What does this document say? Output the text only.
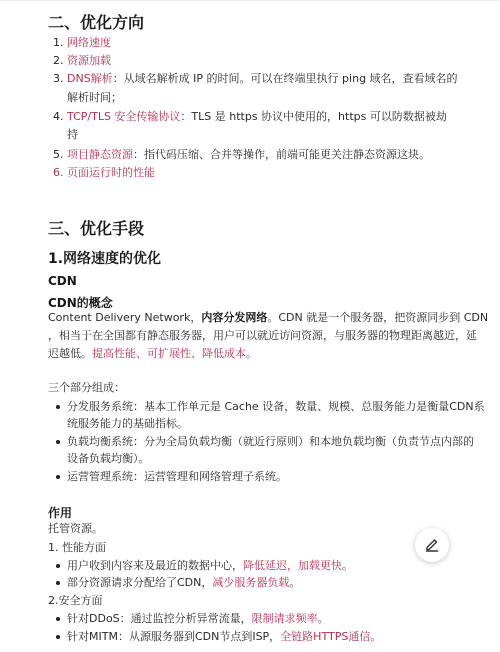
二、优化方向
1. 网络速度
2. 资源加载
3. DNS解析：从域名解析成 IP 的时间。可以在终端里执行 ping 域名，查看域名的
解析时间；
4. TCP/TLS 安全传输协议：TLS 是 https 协议中使用的，https 可以防数据被劫
持
5. 项目静态资源：指代码压缩、合并等操作，前端可能更关注静态资源这块。
6. 页面运行时的性能
三、优化手段
1.网络速度的优化
CDN
CDN的概念
Content Delivery Network，内容分发网络。CDN 就是一个服务器，把资源同步到 CDN
，相当于在全国都有静态服务器，用户可以就近访问资源，与服务器的物理距离越近，延
迟越低。提高性能、可扩展性、降低成本。
三个部分组成：
分发服务系统：基本工作单元是 Cache 设备，数量、规模、总服务能力是衡量CDN系
统服务能力的基础指标。
负载均衡系统：分为全局负载均衡（就近行原则）和本地负载均衡（负责节点内部的
设备负载均衡）。
运营管理系统：运营管理和网络管理子系统。
作用
托管资源。
1. 性能方面
用户收到内容来及最近的数据中心，降低延迟，加载更快。
部分资源请求分配给了CDN，减少服务器负载。
2.安全方面
针对DDoS：通过监控分析异常流量，限制请求频率。
针对MITM：从源服务器到CDN节点到ISP，全链路HTTPS通信。
